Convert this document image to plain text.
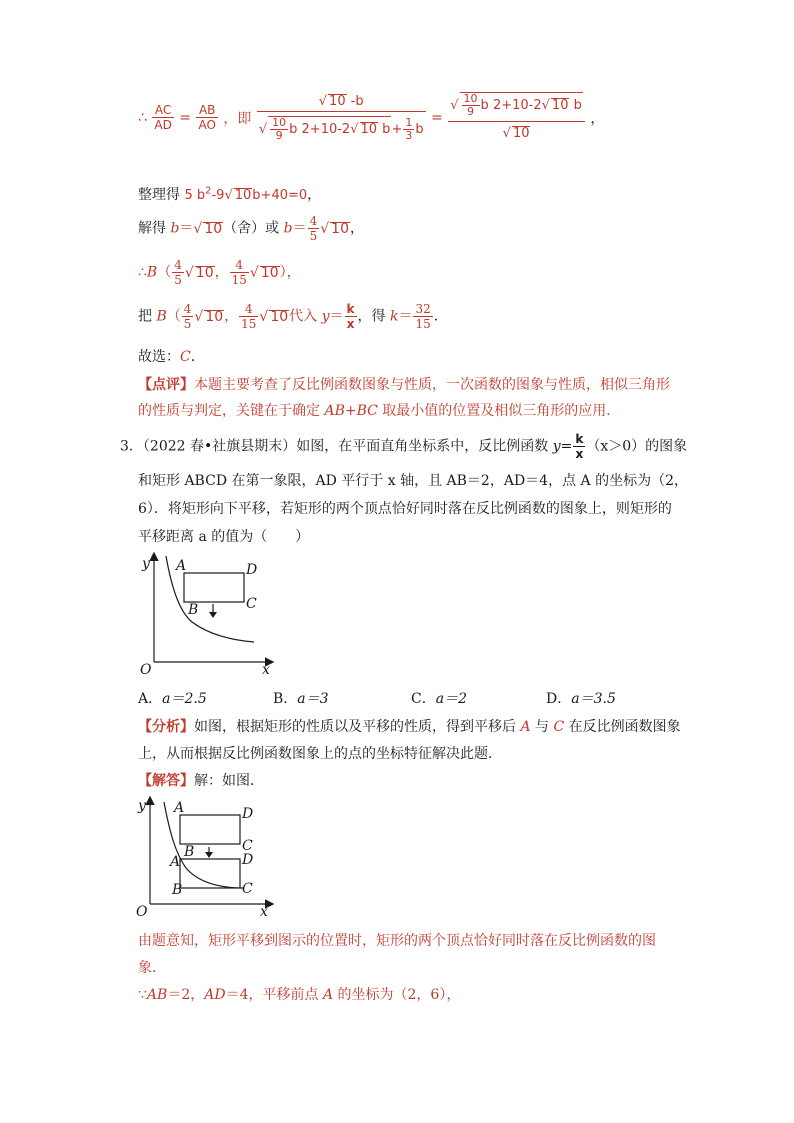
∴ $\frac{AC}{AD} = \frac{AB}{AO}$ ，即 $\frac{√ 10 -b}{√ \frac{10}{9} b 2+10-2√ 10 b+ \frac{1}{3} b} = \frac{√ \frac{10}{9} b 2+10-2√ 10 b}{√ 10}$ ，
整理得 5 $b^2-9√$ 10b+40=0，
解得 b＝√ 10（舍）或 $b= \frac{4}{5}$ √ 10，
∴B（ $\frac{4}{5}$ √ 10， $\frac{4}{15}$ √ 10），
把 $B( \frac{4}{5}$ √ 10， $\frac{4}{15}$ √ 10代入 $y= \frac{k}{x}$ ，得 $k= \frac{32}{15}$ ．
故选：C．
【点评】本题主要考查了反比例函数图象与性质，一次函数的图象与性质，相似三角形
的性质与判定，关键在于确定 AB+BC 取最小值的位置及相似三角形的应用．
3．（2022 春•社旗县期末）如图，在平面直角坐标系中，反比例函数 $y= \frac{k}{x} (x>0)$的图象
和矩形 ABCD 在第一象限，AD 平行于 x 轴，且 AB＝2，AD＝4，点 A 的坐标为（2，
6）．将矩形向下平移，若矩形的两个顶点恰好同时落在反比例函数的图象上，则矩形的
平移距离 a 的值为（　　）
y
x
O
A	D
B	C
A．a＝2.5	B．a＝3	C．a＝2	D．a＝3.5
【分析】如图，根据矩形的性质以及平移的性质，得到平移后 A 与 C 在反比例函数图象
上，从而根据反比例函数图象上的点的坐标特征解决此题．
【解答】解：如图．
y
x
O
A	D
B	C
A	D
B	C
由题意知，矩形平移到图示的位置时，矩形的两个顶点恰好同时落在反比例函数的图
象．
∵AB＝2，AD＝4，平移前点 A 的坐标为（2，6），
